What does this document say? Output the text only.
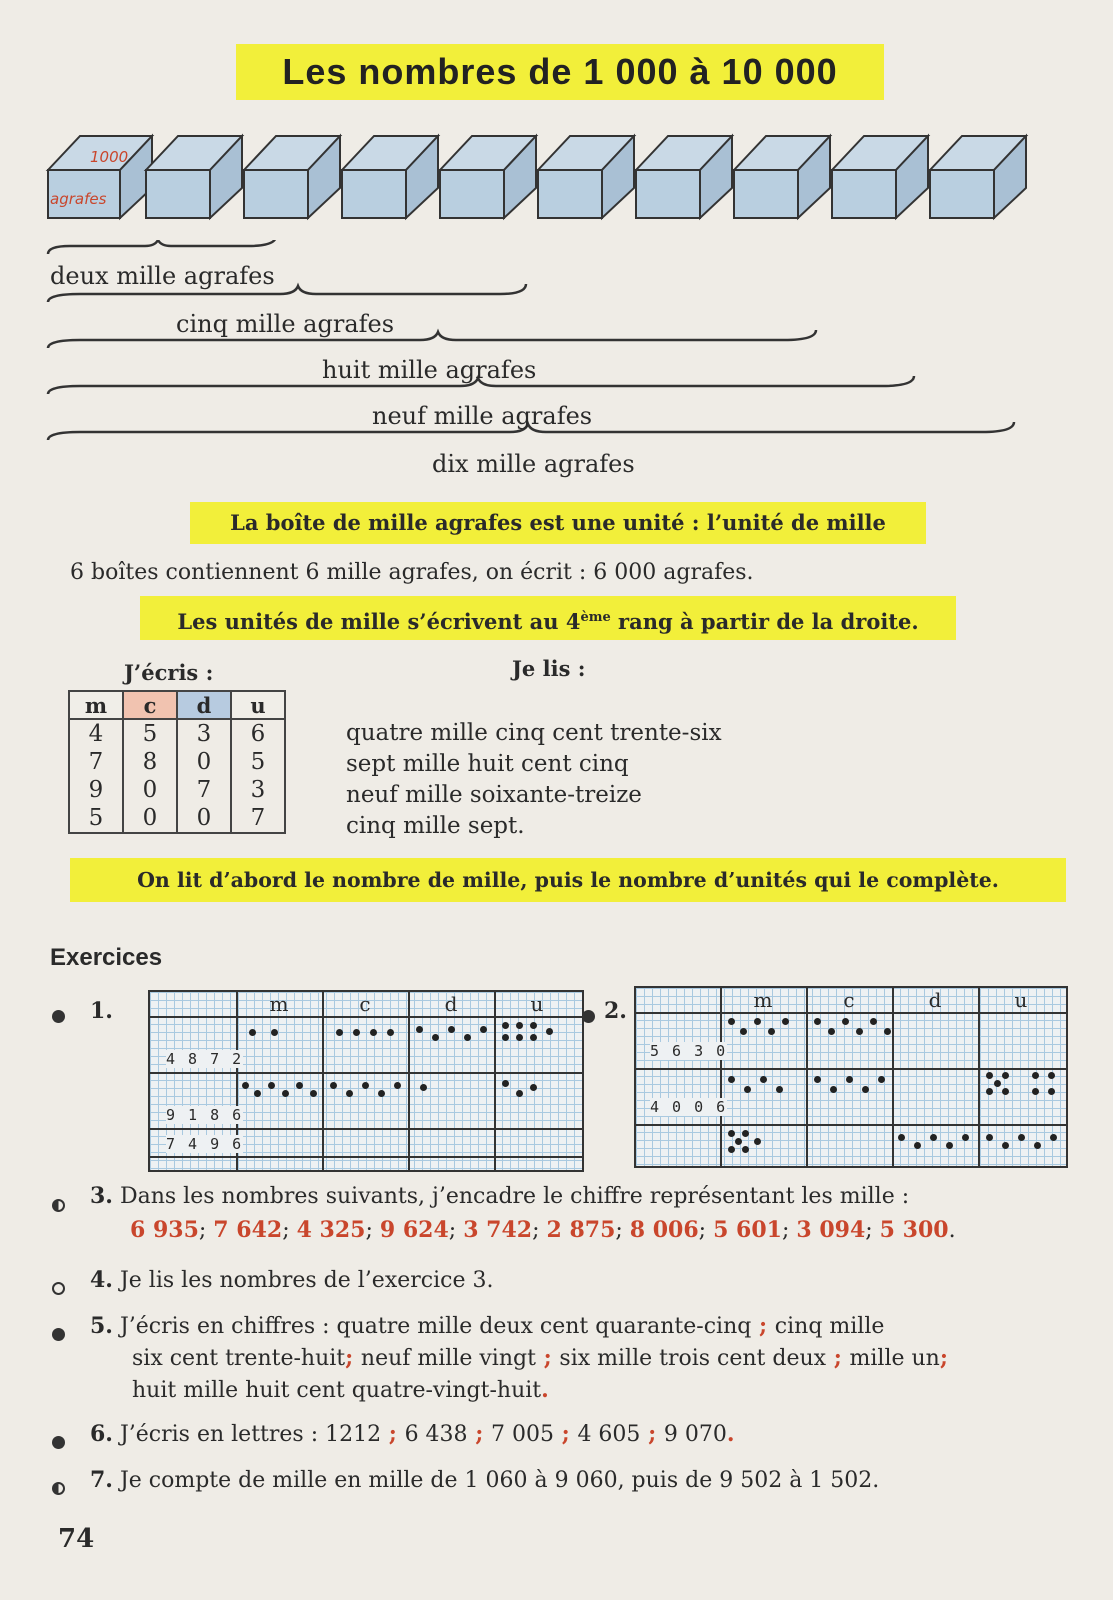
Les nombres de 1 000 à 10 000
1000
agrafes
deux mille agrafes
cinq mille agrafes
huit mille agrafes
neuf mille agrafes
dix mille agrafes
La boîte de mille agrafes est une unité : l’unité de mille
6 boîtes contiennent 6 mille agrafes, on écrit : 6 000 agrafes.
Les unités de mille s’écrivent au 4ème rang à partir de la droite.
J’écris :	Je lis :
m	c	d	u
4	5	3	6
7	8	0	5
9	0	7	3
5	0	0	7
quatre mille cinq cent trente-six
sept mille huit cent cinq
neuf mille soixante-treize
cinq mille sept.
On lit d’abord le nombre de mille, puis le nombre d’unités qui le complète.
Exercices
1.	m	c	d	u
4 8 7 2
9 1 8 6
7 4 9 6
2.	m	c	d	u
5 6 3 0
4 0 0 6
3. Dans les nombres suivants, j’encadre le chiffre représentant les mille :
6 935; 7 642; 4 325; 9 624; 3 742; 2 875; 8 006; 5 601; 3 094; 5 300.
4. Je lis les nombres de l’exercice 3.
5. J’écris en chiffres : quatre mille deux cent quarante-cinq ; cinq mille
six cent trente-huit; neuf mille vingt ; six mille trois cent deux ; mille un;
huit mille huit cent quatre-vingt-huit.
6. J’écris en lettres : 1212 ; 6 438 ; 7 005 ; 4 605 ; 9 070.
7. Je compte de mille en mille de 1 060 à 9 060, puis de 9 502 à 1 502.
74
